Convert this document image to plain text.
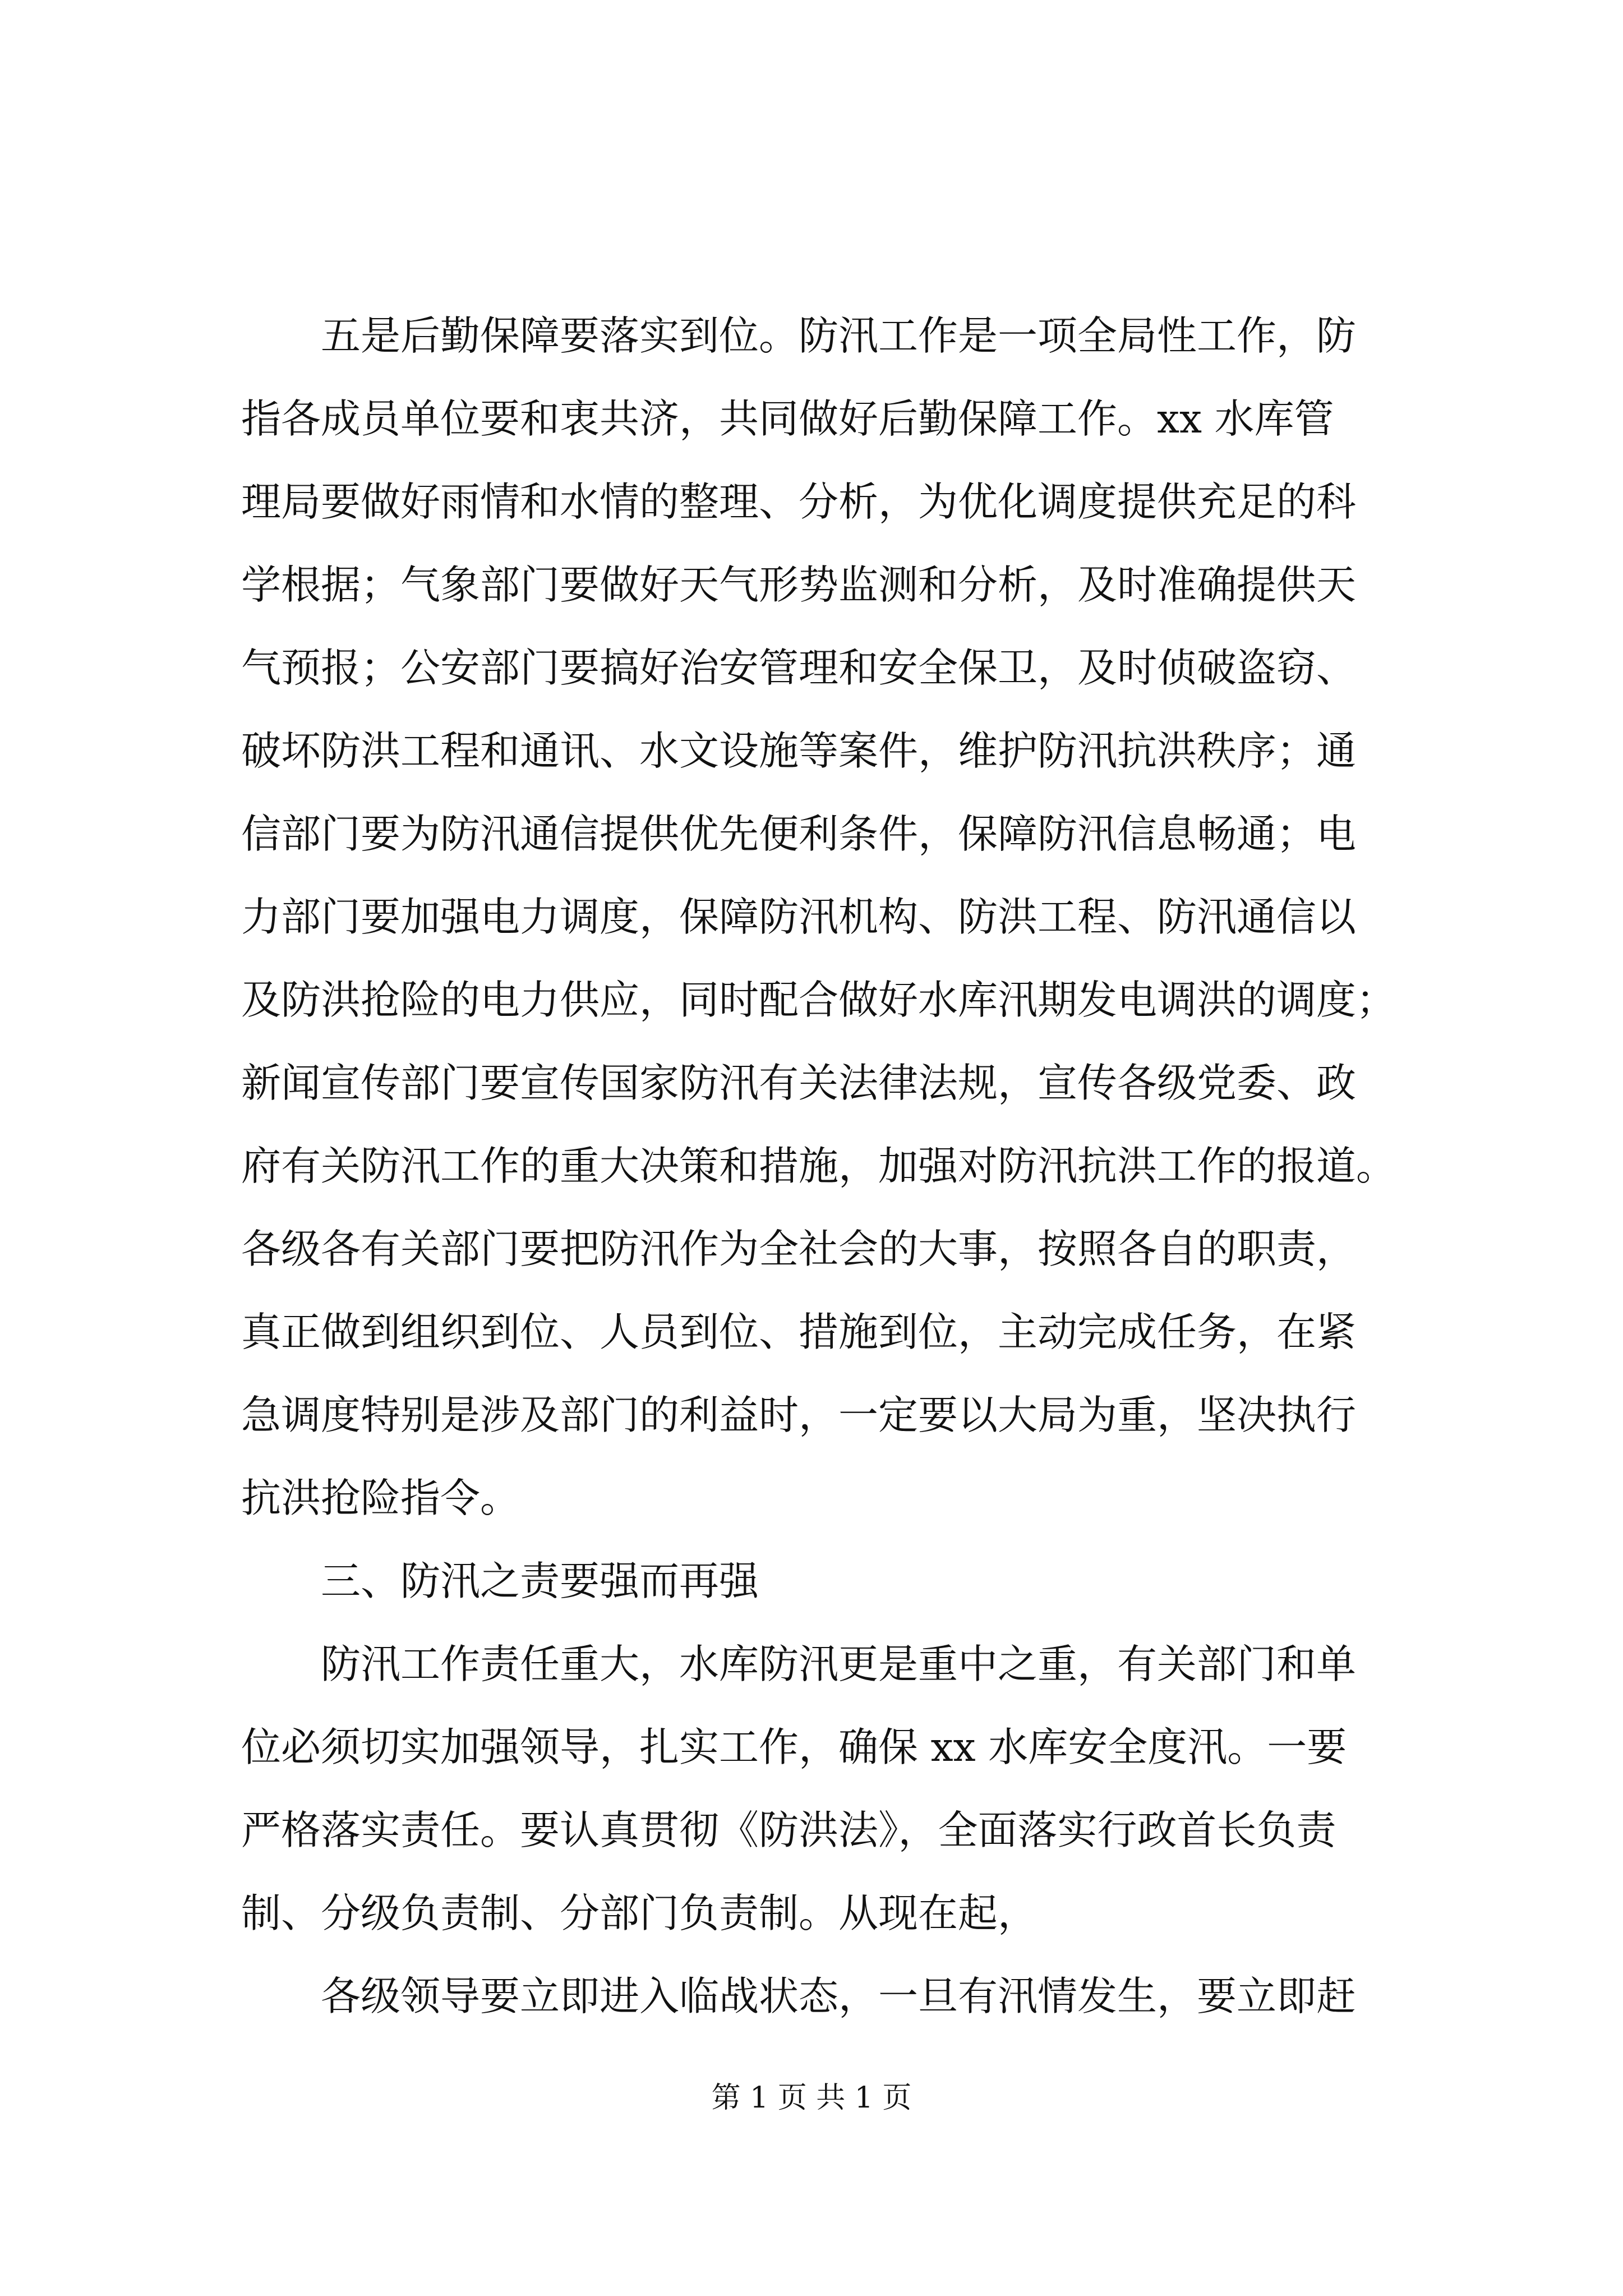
五是后勤保障要落实到位。防汛工作是一项全局性工作，防
指各成员单位要和衷共济，共同做好后勤保障工作。xx 水库管
理局要做好雨情和水情的整理、分析，为优化调度提供充足的科
学根据；气象部门要做好天气形势监测和分析，及时准确提供天
气预报；公安部门要搞好治安管理和安全保卫，及时侦破盗窃、
破坏防洪工程和通讯、水文设施等案件，维护防汛抗洪秩序；通
信部门要为防汛通信提供优先便利条件，保障防汛信息畅通；电
力部门要加强电力调度，保障防汛机构、防洪工程、防汛通信以
及防洪抢险的电力供应，同时配合做好水库汛期发电调洪的调度；
新闻宣传部门要宣传国家防汛有关法律法规，宣传各级党委、政
府有关防汛工作的重大决策和措施，加强对防汛抗洪工作的报道。
各级各有关部门要把防汛作为全社会的大事，按照各自的职责，
真正做到组织到位、人员到位、措施到位，主动完成任务，在紧
急调度特别是涉及部门的利益时，一定要以大局为重，坚决执行
抗洪抢险指令。
三、防汛之责要强而再强
防汛工作责任重大，水库防汛更是重中之重，有关部门和单
位必须切实加强领导，扎实工作，确保 xx 水库安全度汛。一要
严格落实责任。要认真贯彻《防洪法》，全面落实行政首长负责
制、分级负责制、分部门负责制。从现在起，
各级领导要立即进入临战状态，一旦有汛情发生，要立即赶
第 1 页 共 1 页
